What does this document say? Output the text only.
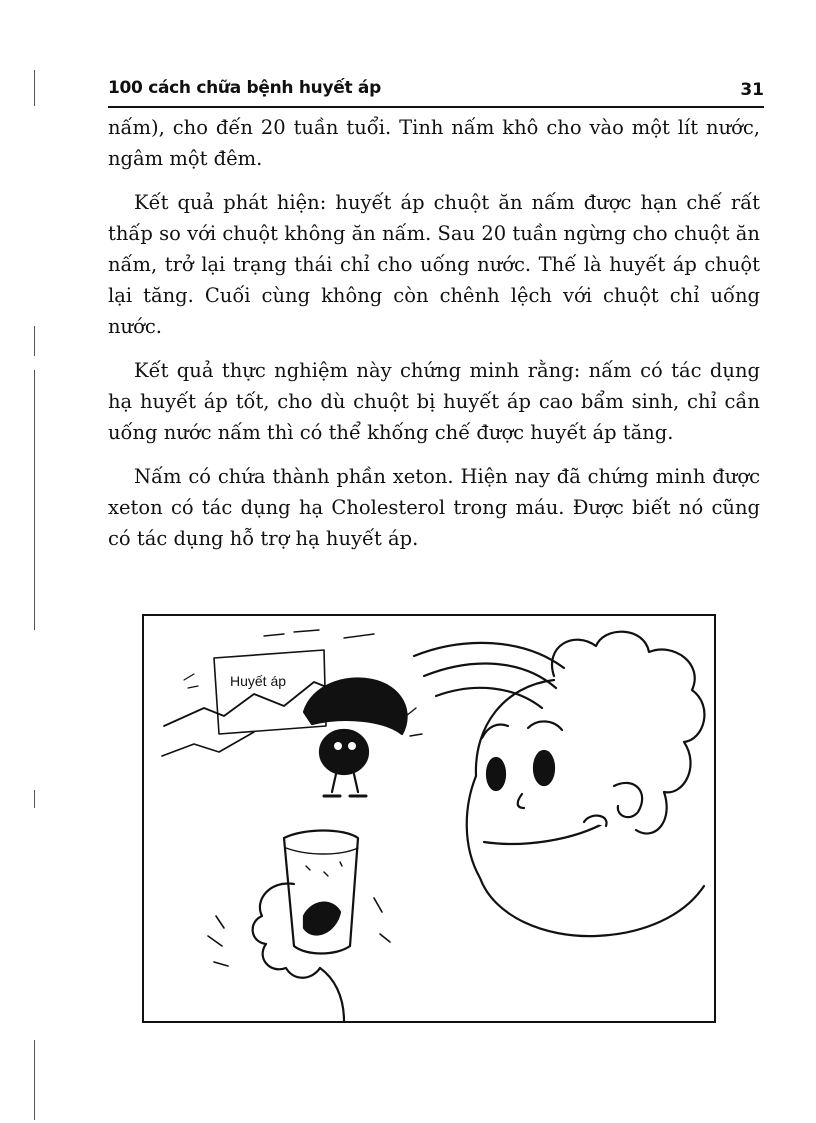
100 cách chữa bệnh huyết áp	31

nấm), cho đến 20 tuần tuổi. Tinh nấm khô cho vào một lít nước, ngâm một đêm.

Kết quả phát hiện: huyết áp chuột ăn nấm được hạn chế rất thấp so với chuột không ăn nấm. Sau 20 tuần ngừng cho chuột ăn nấm, trở lại trạng thái chỉ cho uống nước. Thế là huyết áp chuột lại tăng. Cuối cùng không còn chênh lệch với chuột chỉ uống nước.

Kết quả thực nghiệm này chứng minh rằng: nấm có tác dụng hạ huyết áp tốt, cho dù chuột bị huyết áp cao bẩm sinh, chỉ cần uống nước nấm thì có thể khống chế được huyết áp tăng.

Nấm có chứa thành phần xeton. Hiện nay đã chứng minh được xeton có tác dụng hạ Cholesterol trong máu. Được biết nó cũng có tác dụng hỗ trợ hạ huyết áp.

Huyết áp
